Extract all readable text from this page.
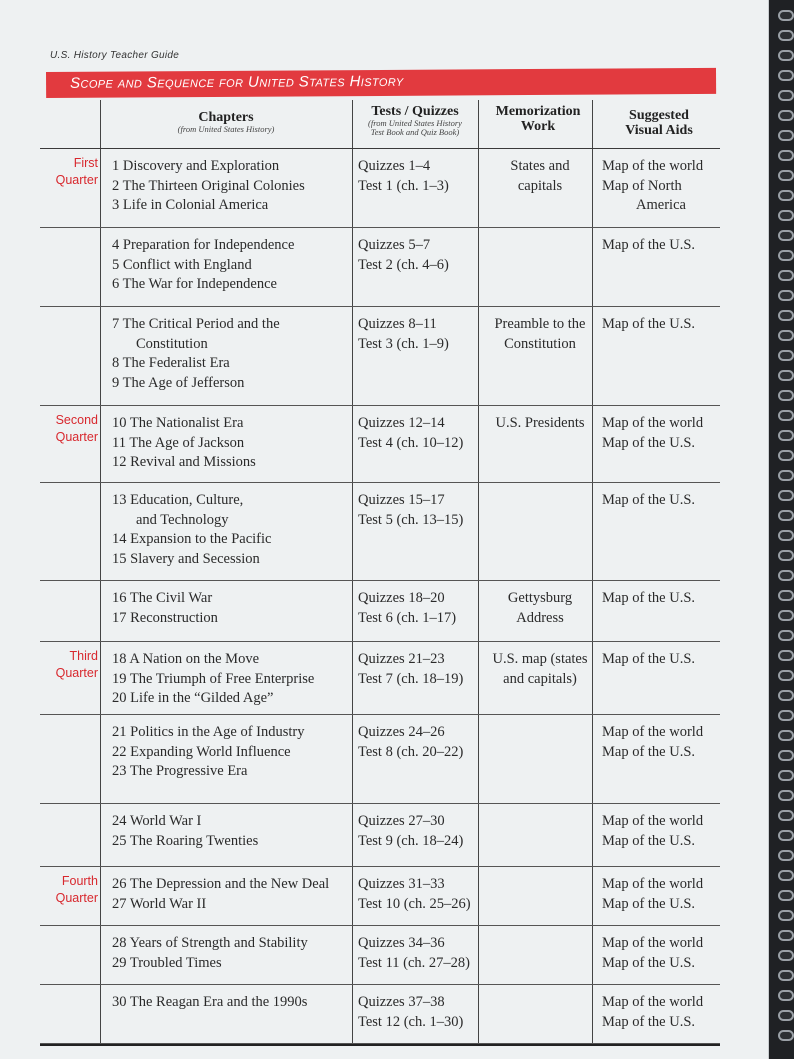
U.S. History Teacher Guide
Scope and Sequence for United States History
Chapters
(from United States History)
Tests / Quizzes
(from United States History
Test Book and Quiz Book)
Memorization
Work
Suggested
Visual Aids
First
Quarter
1 Discovery and Exploration
2 The Thirteen Original Colonies
3 Life in Colonial America
Quizzes 1–4
Test 1 (ch. 1–3)
States and
capitals
Map of the world
Map of North
America
4 Preparation for Independence
5 Conflict with England
6 The War for Independence
Quizzes 5–7
Test 2 (ch. 4–6)
Map of the U.S.
7 The Critical Period and the
Constitution
8 The Federalist Era
9 The Age of Jefferson
Quizzes 8–11
Test 3 (ch. 1–9)
Preamble to the
Constitution
Map of the U.S.
Second
Quarter
10 The Nationalist Era
11 The Age of Jackson
12 Revival and Missions
Quizzes 12–14
Test 4 (ch. 10–12)
U.S. Presidents	Map of the world
Map of the U.S.
13 Education, Culture,
and Technology
14 Expansion to the Pacific
15 Slavery and Secession
Quizzes 15–17
Test 5 (ch. 13–15)
Map of the U.S.
16 The Civil War
17 Reconstruction
Quizzes 18–20
Test 6 (ch. 1–17)
Gettysburg
Address
Map of the U.S.
Third
Quarter
18 A Nation on the Move
19 The Triumph of Free Enterprise
20 Life in the “Gilded Age”
Quizzes 21–23
Test 7 (ch. 18–19)
U.S. map (states
and capitals)
Map of the U.S.
21 Politics in the Age of Industry
22 Expanding World Influence
23 The Progressive Era
Quizzes 24–26
Test 8 (ch. 20–22)
Map of the world
Map of the U.S.
24 World War I
25 The Roaring Twenties
Quizzes 27–30
Test 9 (ch. 18–24)
Map of the world
Map of the U.S.
Fourth
Quarter
26 The Depression and the New Deal
27 World War II
Quizzes 31–33
Test 10 (ch. 25–26)
Map of the world
Map of the U.S.
28 Years of Strength and Stability
29 Troubled Times
Quizzes 34–36
Test 11 (ch. 27–28)
Map of the world
Map of the U.S.
30 The Reagan Era and the 1990s	Quizzes 37–38
Test 12 (ch. 1–30)
Map of the world
Map of the U.S.
